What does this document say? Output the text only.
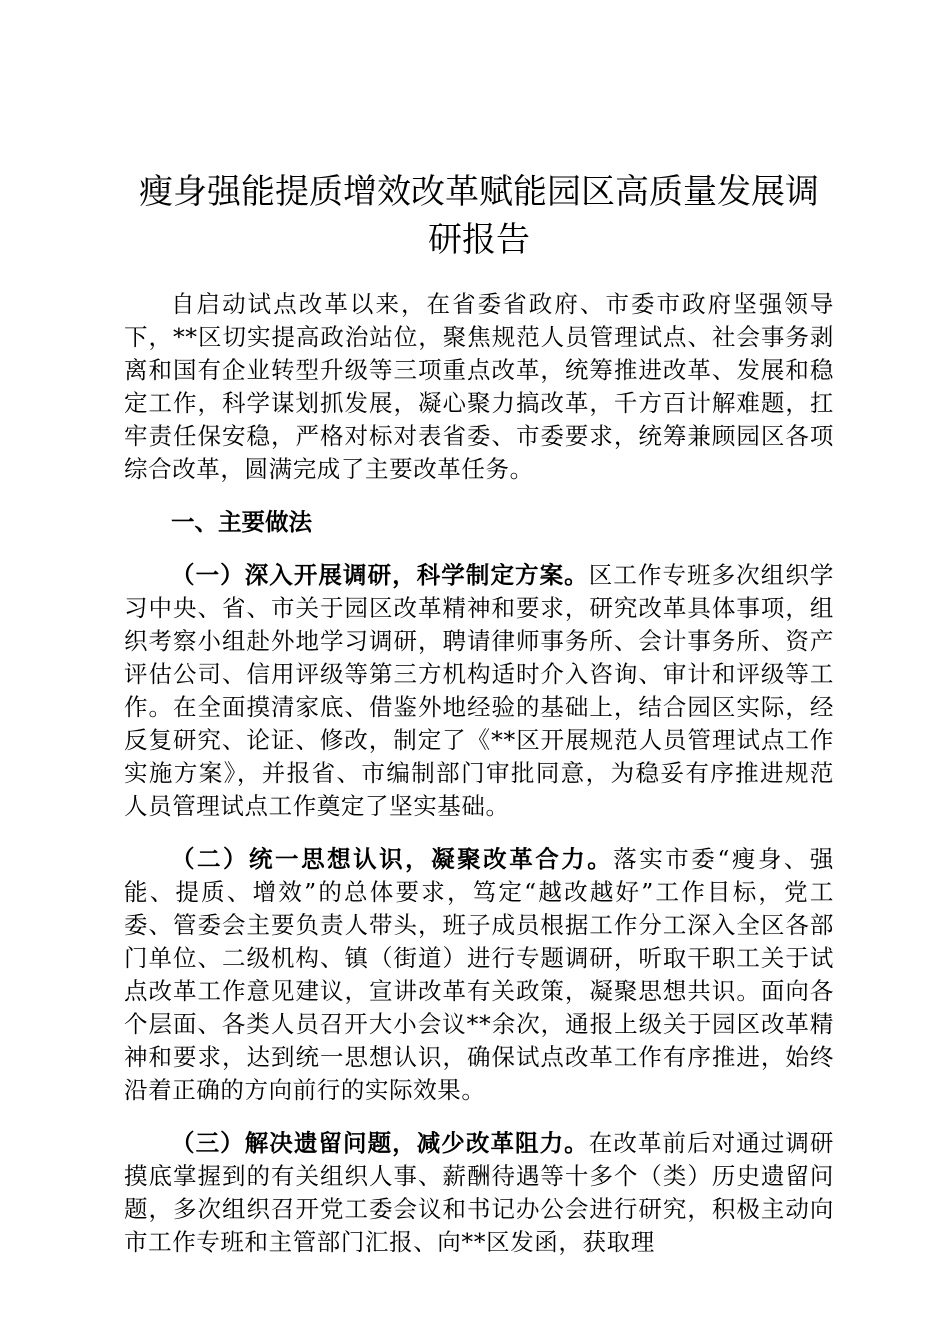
瘦身强能提质增效改革赋能园区高质量发展调研报告

自启动试点改革以来，在省委省政府、市委市政府坚强领导下，**区切实提高政治站位，聚焦规范人员管理试点、社会事务剥离和国有企业转型升级等三项重点改革，统筹推进改革、发展和稳定工作，科学谋划抓发展，凝心聚力搞改革，千方百计解难题，扛牢责任保安稳，严格对标对表省委、市委要求，统筹兼顾园区各项综合改革，圆满完成了主要改革任务。

一、主要做法

（一）深入开展调研，科学制定方案。区工作专班多次组织学习中央、省、市关于园区改革精神和要求，研究改革具体事项，组织考察小组赴外地学习调研，聘请律师事务所、会计事务所、资产评估公司、信用评级等第三方机构适时介入咨询、审计和评级等工作。在全面摸清家底、借鉴外地经验的基础上，结合园区实际，经反复研究、论证、修改，制定了《**区开展规范人员管理试点工作实施方案》，并报省、市编制部门审批同意，为稳妥有序推进规范人员管理试点工作奠定了坚实基础。

（二）统一思想认识，凝聚改革合力。落实市委“瘦身、强能、提质、增效”的总体要求，笃定“越改越好”工作目标，党工委、管委会主要负责人带头，班子成员根据工作分工深入全区各部门单位、二级机构、镇（街道）进行专题调研，听取干职工关于试点改革工作意见建议，宣讲改革有关政策，凝聚思想共识。面向各个层面、各类人员召开大小会议**余次，通报上级关于园区改革精神和要求，达到统一思想认识，确保试点改革工作有序推进，始终沿着正确的方向前行的实际效果。

（三）解决遗留问题，减少改革阻力。在改革前后对通过调研摸底掌握到的有关组织人事、薪酬待遇等十多个（类）历史遗留问题，多次组织召开党工委会议和书记办公会进行研究，积极主动向市工作专班和主管部门汇报、向**区发函，获取理
